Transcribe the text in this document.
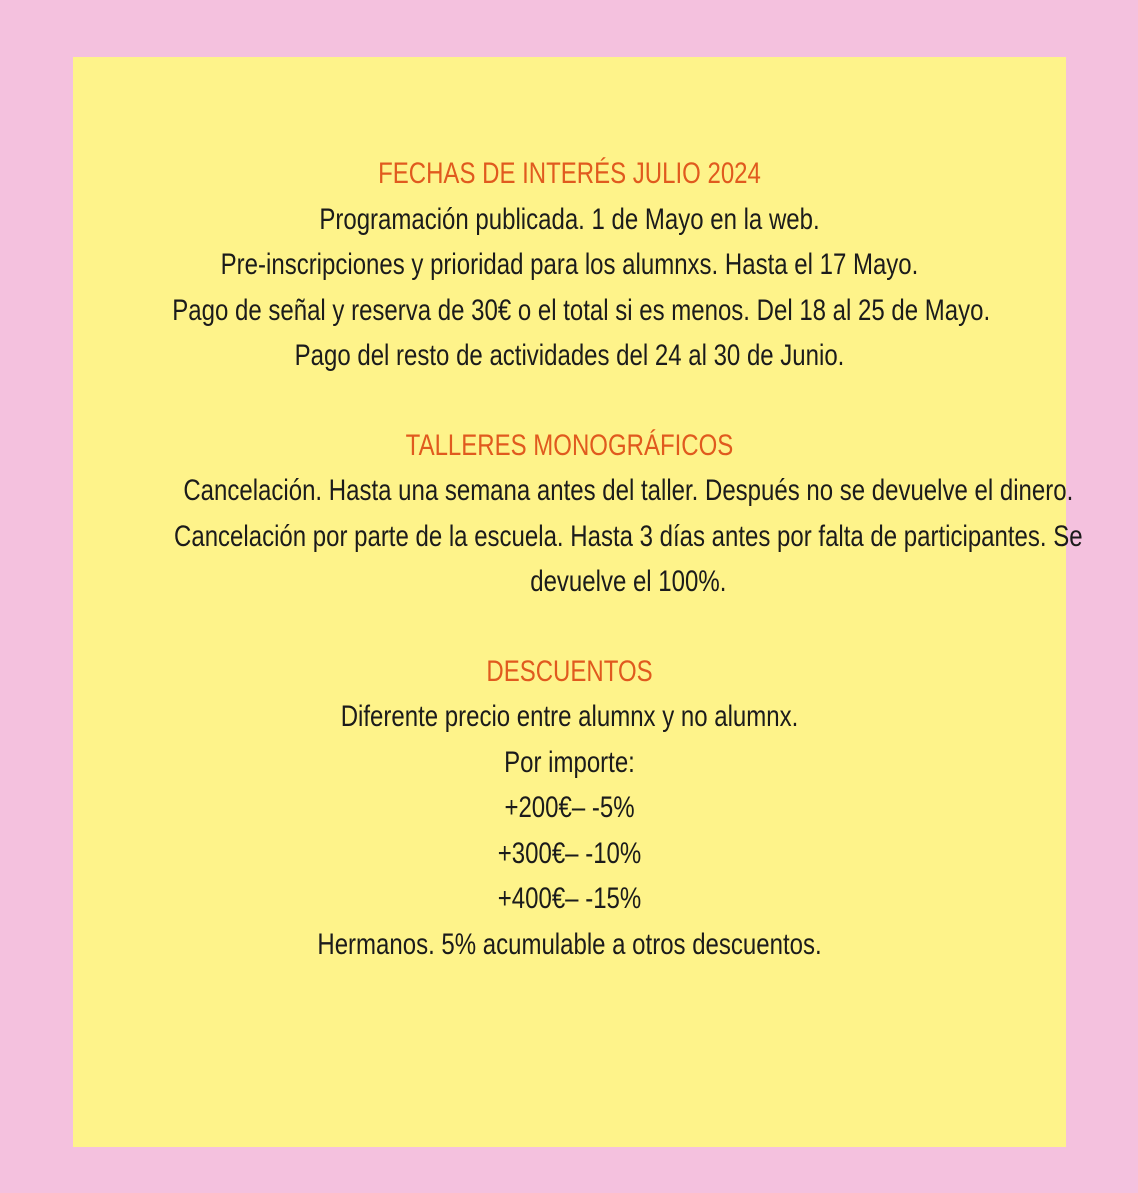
FECHAS DE INTERÉS JULIO 2024
Programación publicada. 1 de Mayo en la web.
Pre-inscripciones y prioridad para los alumnxs. Hasta el 17 Mayo.
Pago de señal y reserva de 30€ o el total si es menos. Del 18 al 25 de Mayo.
Pago del resto de actividades del 24 al 30 de Junio.
TALLERES MONOGRÁFICOS
Cancelación. Hasta una semana antes del taller. Después no se devuelve el dinero.
Cancelación por parte de la escuela. Hasta 3 días antes por falta de participantes. Se devuelve el 100%.
DESCUENTOS
Diferente precio entre alumnx y no alumnx.
Por importe:
+200€– -5%
+300€– -10%
+400€– -15%
Hermanos. 5% acumulable a otros descuentos.
